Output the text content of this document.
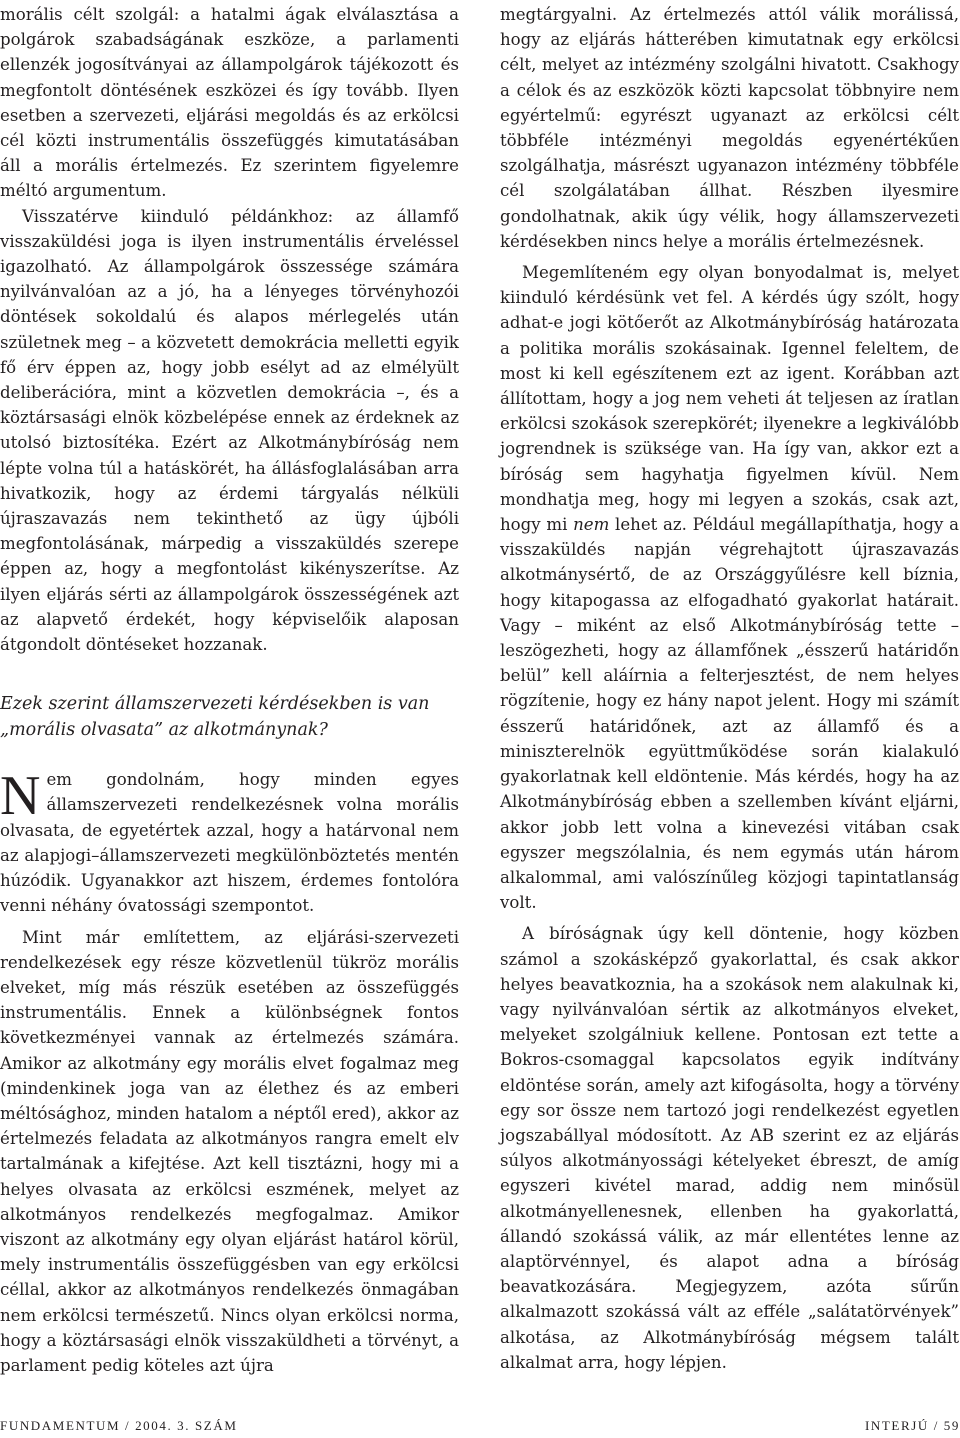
morális célt szolgál: a hatalmi ágak elválasztása a polgárok szabadságának eszköze, a parlamenti ellenzék jogosítványai az állampolgárok tájékozott és megfontolt döntésének eszközei és így tovább. Ilyen esetben a szervezeti, eljárási megoldás és az erkölcsi cél közti instrumentális összefüggés kimutatásában áll a morális értelmezés. Ez szerintem figyelemre méltó argumentum.

Visszatérve kiinduló példánkhoz: az államfő visszaküldési joga is ilyen instrumentális érveléssel igazolható. Az állampolgárok összessége számára nyilvánvalóan az a jó, ha a lényeges törvényhozói döntések sokoldalú és alapos mérlegelés után születnek meg – a közvetett demokrácia melletti egyik fő érv éppen az, hogy jobb esélyt ad az elmélyült deliberációra, mint a közvetlen demokrácia –, és a köztársasági elnök közbelépése ennek az érdeknek az utolsó biztosítéka. Ezért az Alkotmánybíróság nem lépte volna túl a hatáskörét, ha állásfoglalásában arra hivatkozik, hogy az érdemi tárgyalás nélküli újraszavazás nem tekinthető az ügy újbóli megfontolásának, márpedig a visszaküldés szerepe éppen az, hogy a megfontolást kikényszerítse. Az ilyen eljárás sérti az állampolgárok összességének azt az alapvető érdekét, hogy képviselőik alaposan átgondolt döntéseket hozzanak.

Ezek szerint államszervezeti kérdésekben is van „morális olvasata” az alkotmánynak?

Nem gondolnám, hogy minden egyes államszervezeti rendelkezésnek volna morális olvasata, de egyetértek azzal, hogy a határvonal nem az alapjogi–államszervezeti megkülönböztetés mentén húzódik. Ugyanakkor azt hiszem, érdemes fontolóra venni néhány óvatossági szempontot.

Mint már említettem, az eljárási-szervezeti rendelkezések egy része közvetlenül tükröz morális elveket, míg más részük esetében az összefüggés instrumentális. Ennek a különbségnek fontos következményei vannak az értelmezés számára. Amikor az alkotmány egy morális elvet fogalmaz meg (mindenkinek joga van az élethez és az emberi méltósághoz, minden hatalom a néptől ered), akkor az értelmezés feladata az alkotmányos rangra emelt elv tartalmának a kifejtése. Azt kell tisztázni, hogy mi a helyes olvasata az erkölcsi eszmének, melyet az alkotmányos rendelkezés megfogalmaz. Amikor viszont az alkotmány egy olyan eljárást határol körül, mely instrumentális összefüggésben van egy erkölcsi céllal, akkor az alkotmányos rendelkezés önmagában nem erkölcsi természetű. Nincs olyan erkölcsi norma, hogy a köztársasági elnök visszaküldheti a törvényt, a parlament pedig köteles azt újra

megtárgyalni. Az értelmezés attól válik morálissá, hogy az eljárás hátterében kimutatnak egy erkölcsi célt, melyet az intézmény szolgálni hivatott. Csakhogy a célok és az eszközök közti kapcsolat többnyire nem egyértelmű: egyrészt ugyanazt az erkölcsi célt többféle intézményi megoldás egyenértékűen szolgálhatja, másrészt ugyanazon intézmény többféle cél szolgálatában állhat. Részben ilyesmire gondolhatnak, akik úgy vélik, hogy államszervezeti kérdésekben nincs helye a morális értelmezésnek.

Megemlíteném egy olyan bonyodalmat is, melyet kiinduló kérdésünk vet fel. A kérdés úgy szólt, hogy adhat-e jogi kötőerőt az Alkotmánybíróság határozata a politika morális szokásainak. Igennel feleltem, de most ki kell egészítenem ezt az igent. Korábban azt állítottam, hogy a jog nem veheti át teljesen az íratlan erkölcsi szokások szerepkörét; ilyenekre a legkiválóbb jogrendnek is szüksége van. Ha így van, akkor ezt a bíróság sem hagyhatja figyelmen kívül. Nem mondhatja meg, hogy mi legyen a szokás, csak azt, hogy mi nem lehet az. Például megállapíthatja, hogy a visszaküldés napján végrehajtott újraszavazás alkotmánysértő, de az Országgyűlésre kell bíznia, hogy kitapogassa az elfogadható gyakorlat határait. Vagy – miként az első Alkotmánybíróság tette – leszögezheti, hogy az államfőnek „ésszerű határidőn belül” kell aláírnia a felterjesztést, de nem helyes rögzítenie, hogy ez hány napot jelent. Hogy mi számít ésszerű határidőnek, azt az államfő és a miniszterelnök együttműködése során kialakuló gyakorlatnak kell eldöntenie. Más kérdés, hogy ha az Alkotmánybíróság ebben a szellemben kívánt eljárni, akkor jobb lett volna a kinevezési vitában csak egyszer megszólalnia, és nem egymás után három alkalommal, ami valószínűleg közjogi tapintatlanság volt.

A bíróságnak úgy kell döntenie, hogy közben számol a szokásképző gyakorlattal, és csak akkor helyes beavatkoznia, ha a szokások nem alakulnak ki, vagy nyilvánvalóan sértik az alkotmányos elveket, melyeket szolgálniuk kellene. Pontosan ezt tette a Bokros-csomaggal kapcsolatos egyik indítvány eldöntése során, amely azt kifogásolta, hogy a törvény egy sor össze nem tartozó jogi rendelkezést egyetlen jogszabállyal módosított. Az AB szerint ez az eljárás súlyos alkotmányossági kételyeket ébreszt, de amíg egyszeri kivétel marad, addig nem minősül alkotmányellenesnek, ellenben ha gyakorlattá, állandó szokássá válik, az már ellentétes lenne az alaptörvénnyel, és alapot adna a bíróság beavatkozására. Megjegyzem, azóta sűrűn alkalmazott szokássá vált az efféle „salátatörvények” alkotása, az Alkotmánybíróság mégsem talált alkalmat arra, hogy lépjen.

FUNDAMENTUM / 2004. 3. SZÁM	INTERJÚ / 59
